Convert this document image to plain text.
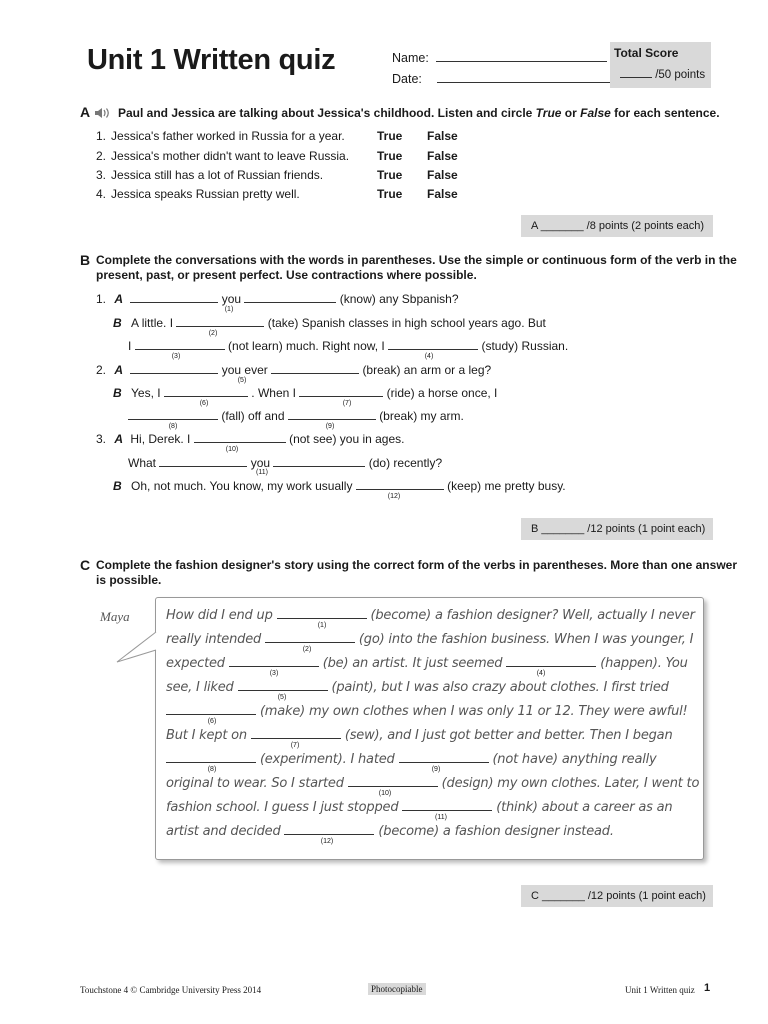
Unit 1 Written quiz	Name:
Date:
Total Score
/50 points
A Paul and Jessica are talking about Jessica's childhood. Listen and circle True or False for each sentence.
1. Jessica's father worked in Russia for a year.	True False
2. Jessica's mother didn't want to leave Russia. True False
3. Jessica still has a lot of Russian friends.	True False
4. Jessica speaks Russian pretty well.	True False
A _______ /8 points (2 points each)
B Complete the conversations with the words in parentheses. Use the simple or continuous form of the verb in the
present, past, or present perfect. Use contractions where possible.
1. A	you	(know) any Sbpanish?
(1)
B A little. I	(take) Spanish classes in high school years ago. But
(2)
I	(not learn) much. Right now, I	(study) Russian.
(3)	(4)
2. A	you ever	(break) an arm or a leg?
(5)
B Yes, I	. When I	(ride) a horse once, I
(6)	(7)
(fall) off and	(break) my arm.
(8)	(9)
3. A Hi, Derek. I	(not see) you in ages.
(10)
What	you	(do) recently?
(11)
B Oh, not much. You know, my work usually	(keep) me pretty busy.
(12)
B _______ /12 points (1 point each)
C Complete the fashion designer's story using the correct form of the verbs in parentheses. More than one answer
is possible.
Maya	How did I end up	(become) a fashion designer? Well, actually I never
(1)
really intended	(go) into the fashion business. When I was younger, I
(2)
expected	(be) an artist. It just seemed	(happen). You
(3)	(4)
see, I liked	(paint), but I was also crazy about clothes. I first tried
(5)
(make) my own clothes when I was only 11 or 12. They were awful!
(6)
But I kept on	(sew), and I just got better and better. Then I began
(7)
(experiment). I hated	(not have) anything really
(8)	(9)
original to wear. So I started	(design) my own clothes. Later, I went to
(10)
fashion school. I guess I just stopped	(think) about a career as an
(11)
artist and decided	(become) a fashion designer instead.
(12)
C _______ /12 points (1 point each)
Touchstone 4 © Cambridge University Press 2014	Photocopiable	Unit 1 Written quiz 1
